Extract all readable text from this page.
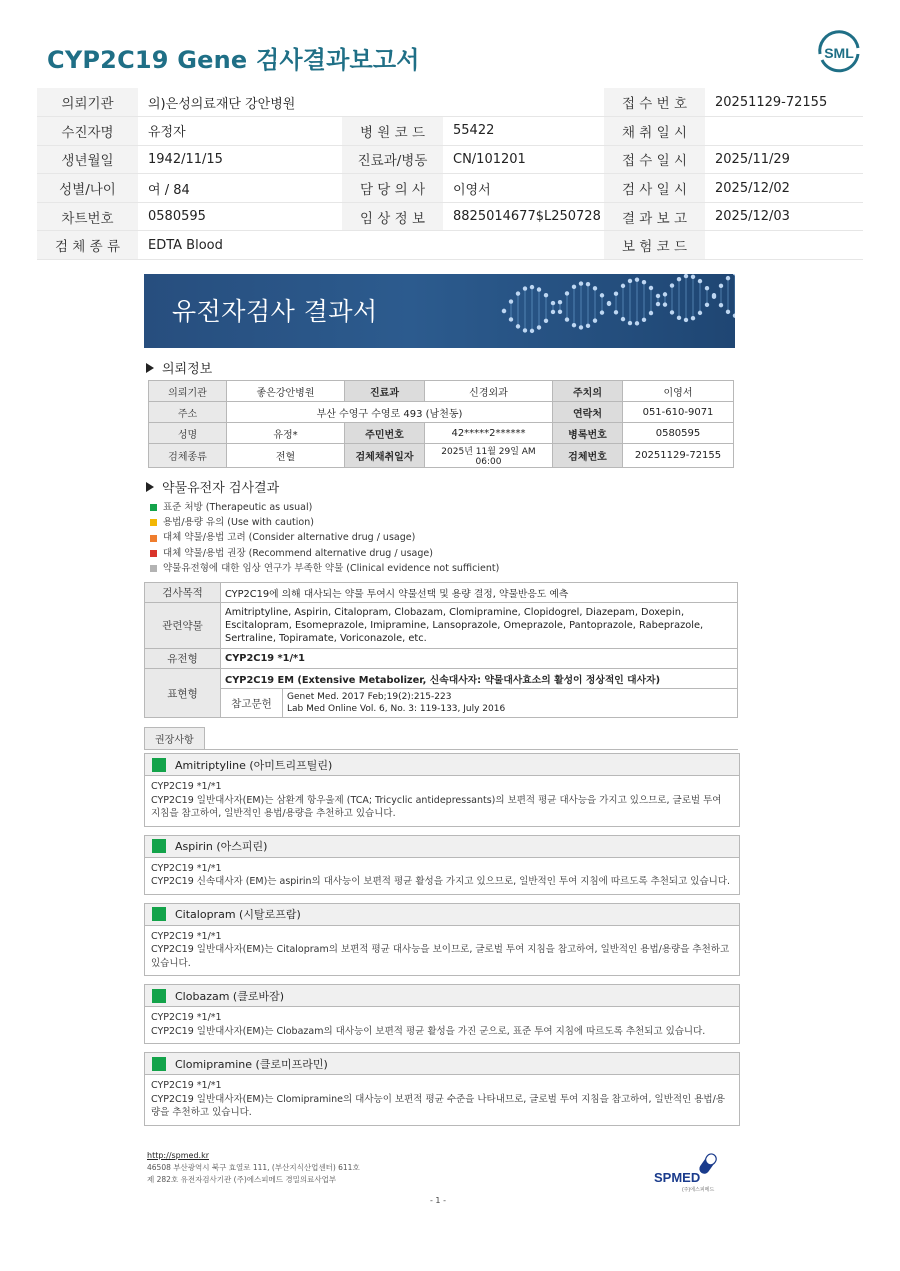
CYP2C19 Gene 검사결과보고서	SML
의뢰기관	의)은성의료재단 강안병원			접 수 번 호	20251129-72155
수진자명	유정자	병 원 코 드	55422	채 취 일 시	
생년월일	1942/11/15	진료과/병동	CN/101201	접 수 일 시	2025/11/29
성별/나이	여 / 84	담 당 의 사	이영서	검 사 일 시	2025/12/02
차트번호	0580595	임 상 정 보	8825014677$L250728	결 과 보 고	2025/12/03
검 체 종 류	EDTA Blood			보 험 코 드	
유전자검사 결과서
의뢰정보
의뢰기관	좋은강안병원	진료과	신경외과	주치의	이영서
주소	부산 수영구 수영로 493 (남천동)			연락처	051-610-9071
성명	유정*	주민번호	42*****2******	병록번호	0580595
검체종류	전혈	검체채취일자	2025년 11월 29일 AM 06:00	검체번호	20251129-72155
약물유전자 검사결과
표준 처방 (Therapeutic as usual)
용법/용량 유의 (Use with caution)
대체 약물/용법 고려 (Consider alternative drug / usage)
대체 약물/용법 권장 (Recommend alternative drug / usage)
약물유전형에 대한 임상 연구가 부족한 약물 (Clinical evidence not sufficient)
검사목적	CYP2C19에 의해 대사되는 약물 투여시 약물선택 및 용량 결정, 약물반응도 예측	
관련약물	Amitriptyline, Aspirin, Citalopram, Clobazam, Clomipramine, Clopidogrel, Diazepam, Doxepin, Escitalopram, Esomeprazole, Imipramine, Lansoprazole, Omeprazole, Pantoprazole, Rabeprazole, Sertraline, Topiramate, Voriconazole, etc.	
유전형	CYP2C19 *1/*1	
표현형	CYP2C19 EM (Extensive Metabolizer, 신속대사자: 약물대사효소의 활성이 정상적인 대사자)	
	참고문헌	Genet Med. 2017 Feb;19(2):215-223
Lab Med Online Vol. 6, No. 3: 119-133, July 2016
권장사항
Amitriptyline (아미트리프틸린)
CYP2C19 *1/*1
CYP2C19 일반대사자(EM)는 삼환계 항우울제 (TCA; Tricyclic antidepressants)의 보편적 평균 대사능을 가지고 있으므로, 글로벌 투여 지침을 참고하여, 일반적인 용법/용량을 추천하고 있습니다.
Aspirin (아스피린)
CYP2C19 *1/*1
CYP2C19 신속대사자 (EM)는 aspirin의 대사능이 보편적 평균 활성을 가지고 있으므로, 일반적인 투여 지침에 따르도록 추천되고 있습니다.
Citalopram (시탈로프람)
CYP2C19 *1/*1
CYP2C19 일반대사자(EM)는 Citalopram의 보편적 평균 대사능을 보이므로, 글로벌 투여 지침을 참고하여, 일반적인 용법/용량을 추천하고 있습니다.
Clobazam (클로바잠)
CYP2C19 *1/*1
CYP2C19 일반대사자(EM)는 Clobazam의 대사능이 보편적 평균 활성을 가진 군으로, 표준 투여 지침에 따르도록 추천되고 있습니다.
Clomipramine (클로미프라민)
CYP2C19 *1/*1
CYP2C19 일반대사자(EM)는 Clomipramine의 대사능이 보편적 평균 수준을 나타내므로, 글로벌 투여 지침을 참고하여, 일반적인 용법/용량을 추천하고 있습니다.
http://spmed.kr
46508 부산광역시 북구 효열로 111, (부산지식산업센터) 611호
제 282호 유전자검사기관 (주)에스피메드 경밀의료사업부
- 1 -
SPMED
(주)에스피메드
